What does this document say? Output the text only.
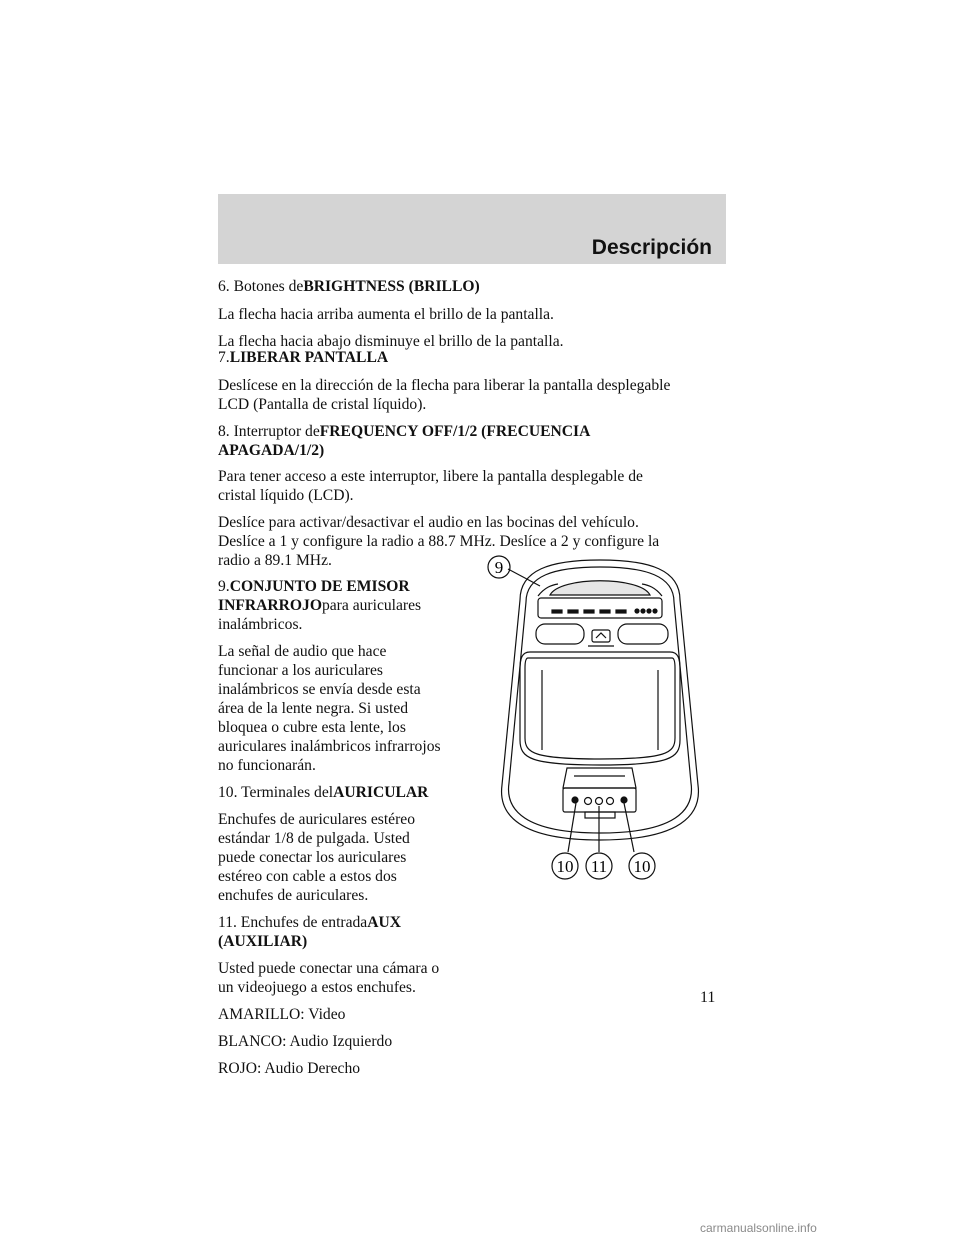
Descripción
6. Botones deBRIGHTNESS (BRILLO)
La flecha hacia arriba aumenta el brillo de la pantalla.
La flecha hacia abajo disminuye el brillo de la pantalla.
7.LIBERAR PANTALLA
Deslícese en la dirección de la flecha para liberar la pantalla desplegable
LCD (Pantalla de cristal líquido).
8. Interruptor deFREQUENCY OFF/1/2 (FRECUENCIA
APAGADA/1/2)
Para tener acceso a este interruptor, libere la pantalla desplegable de
cristal líquido (LCD).
Deslíce para activar/desactivar el audio en las bocinas del vehículo.
Deslíce a 1 y configure la radio a 88.7 MHz. Deslíce a 2 y configure la
radio a 89.1 MHz.
9.CONJUNTO DE EMISOR
INFRARROJOpara auriculares
inalámbricos.
La señal de audio que hace
funcionar a los auriculares
inalámbricos se envía desde esta
área de la lente negra. Si usted
bloquea o cubre esta lente, los
auriculares inalámbricos infrarrojos
no funcionarán.
10. Terminales delAURICULAR
Enchufes de auriculares estéreo
estándar 1/8 de pulgada. Usted
puede conectar los auriculares
estéreo con cable a estos dos
enchufes de auriculares.
11. Enchufes de entradaAUX
(AUXILIAR)
Usted puede conectar una cámara o
un videojuego a estos enchufes.
AMARILLO: Video
BLANCO: Audio Izquierdo
ROJO: Audio Derecho
9
10 11 10
11
carmanualsonline.info
